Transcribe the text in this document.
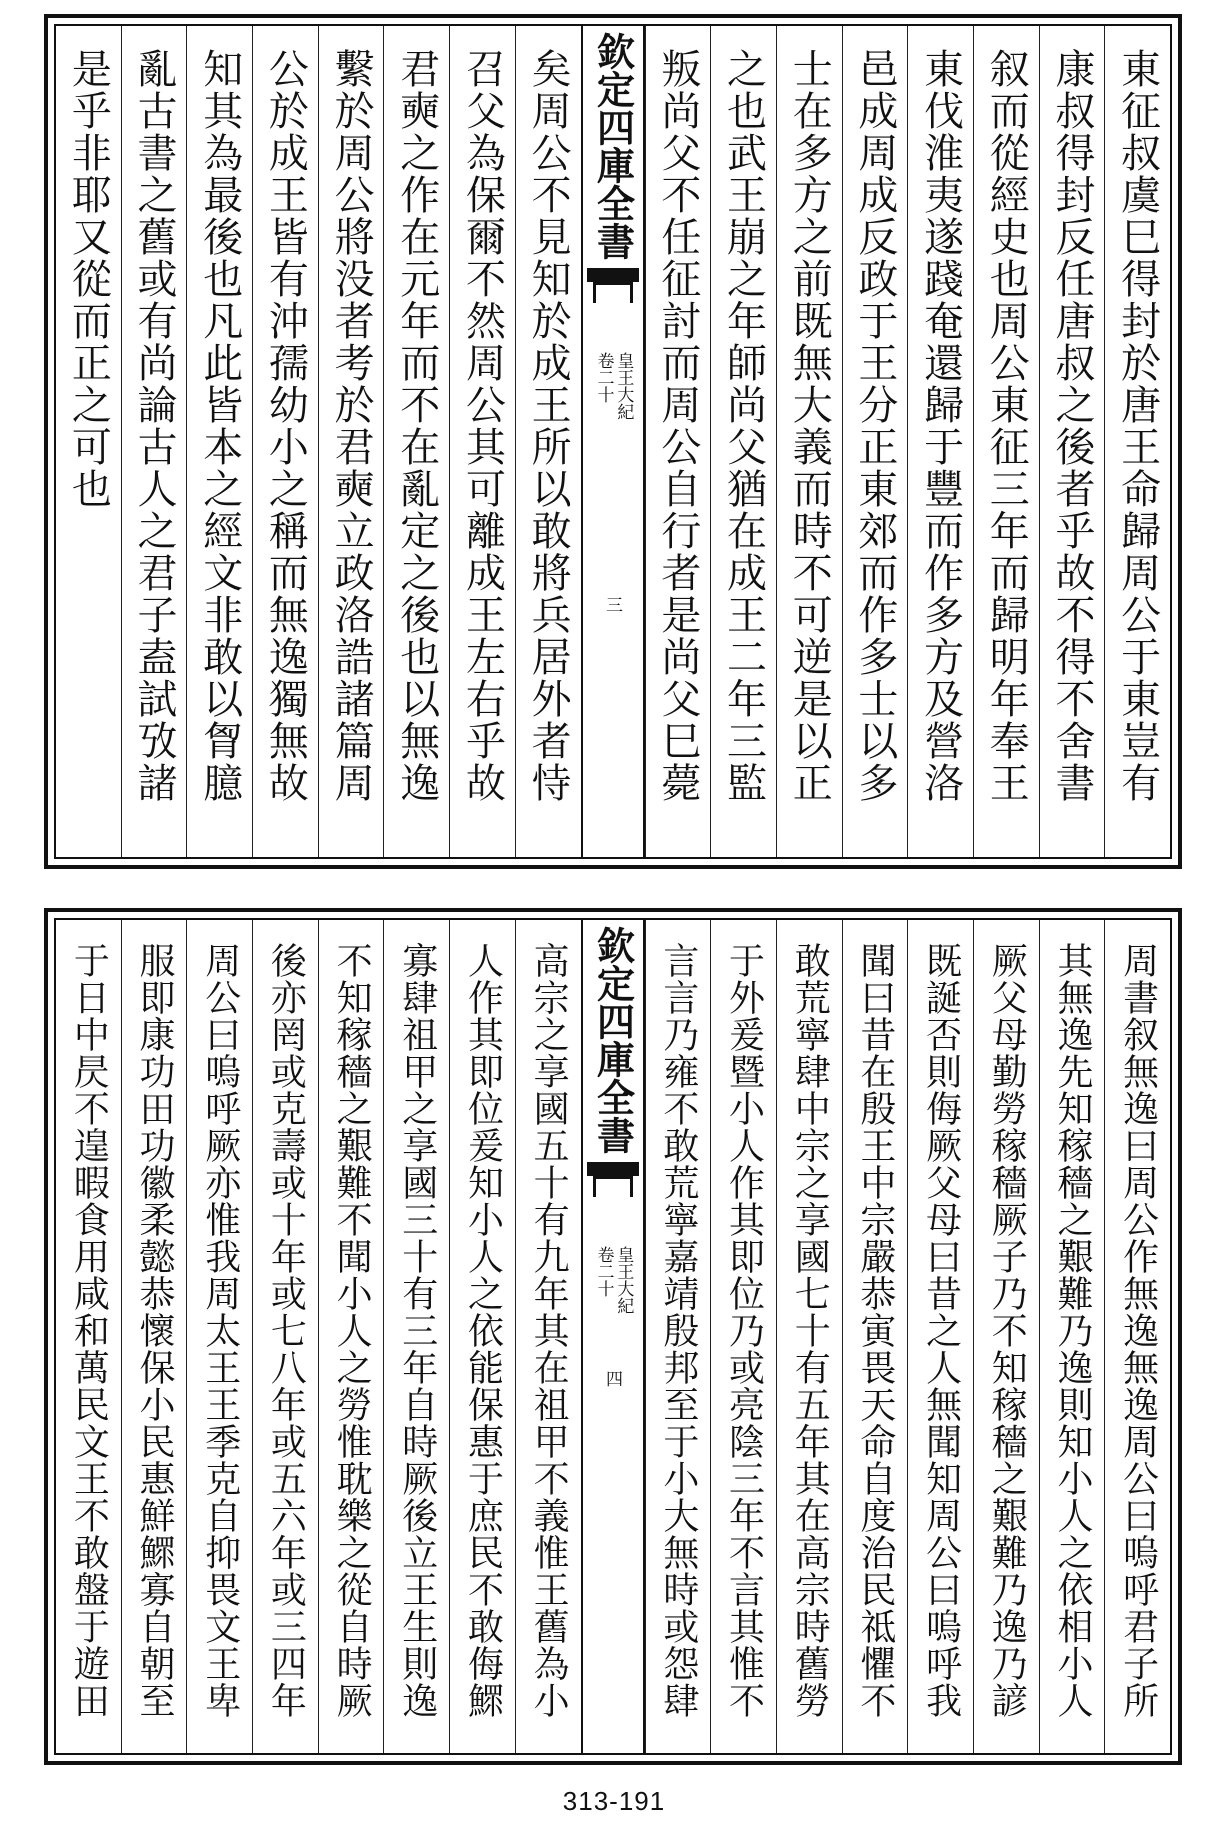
東征叔虞巳得封於唐王命歸周公于東豈有
康叔得封反任唐叔之後者乎故不得不舍書
叙而從經史也周公東征三年而歸明年奉王
東伐淮夷遂踐奄還歸于豐而作多方及營洛
邑成周成反政于王分正東郊而作多士以多
士在多方之前既無大義而時不可逆是以正
之也武王崩之年師尚父猶在成王二年三監
叛尚父不任征討而周公自行者是尚父巳薨
欽定四庫全書
皇王大紀
卷二十
三
矣周公不見知於成王所以敢將兵居外者恃
召父為保爾不然周公其可離成王左右乎故
君奭之作在元年而不在亂定之後也以無逸
繫於周公將没者考於君奭立政洛誥諸篇周
公於成王皆有沖孺幼小之稱而無逸獨無故
知其為最後也凡此皆本之經文非敢以胷臆
亂古書之舊或有尚論古人之君子盍試攷諸
是乎非耶又從而正之可也
周書叙無逸曰周公作無逸無逸周公曰嗚呼君子所
其無逸先知稼穡之艱難乃逸則知小人之依相小人
厥父母勤勞稼穡厥子乃不知稼穡之艱難乃逸乃諺
既誕否則侮厥父母曰昔之人無聞知周公曰嗚呼我
聞曰昔在殷王中宗嚴恭寅畏天命自度治民祗懼不
敢荒寧肆中宗之享國七十有五年其在高宗時舊勞
于外爰暨小人作其即位乃或亮陰三年不言其惟不
言言乃雍不敢荒寧嘉靖殷邦至于小大無時或怨肆
欽定四庫全書
皇王大紀
卷二十
四
高宗之享國五十有九年其在祖甲不義惟王舊為小
人作其即位爰知小人之依能保惠于庶民不敢侮鰥
寡肆祖甲之享國三十有三年自時厥後立王生則逸
不知稼穡之艱難不聞小人之勞惟耽樂之從自時厥
後亦罔或克壽或十年或七八年或五六年或三四年
周公曰嗚呼厥亦惟我周太王王季克自抑畏文王卑
服即康功田功徽柔懿恭懷保小民惠鮮鰥寡自朝至
于日中昃不遑暇食用咸和萬民文王不敢盤于遊田
313-191
